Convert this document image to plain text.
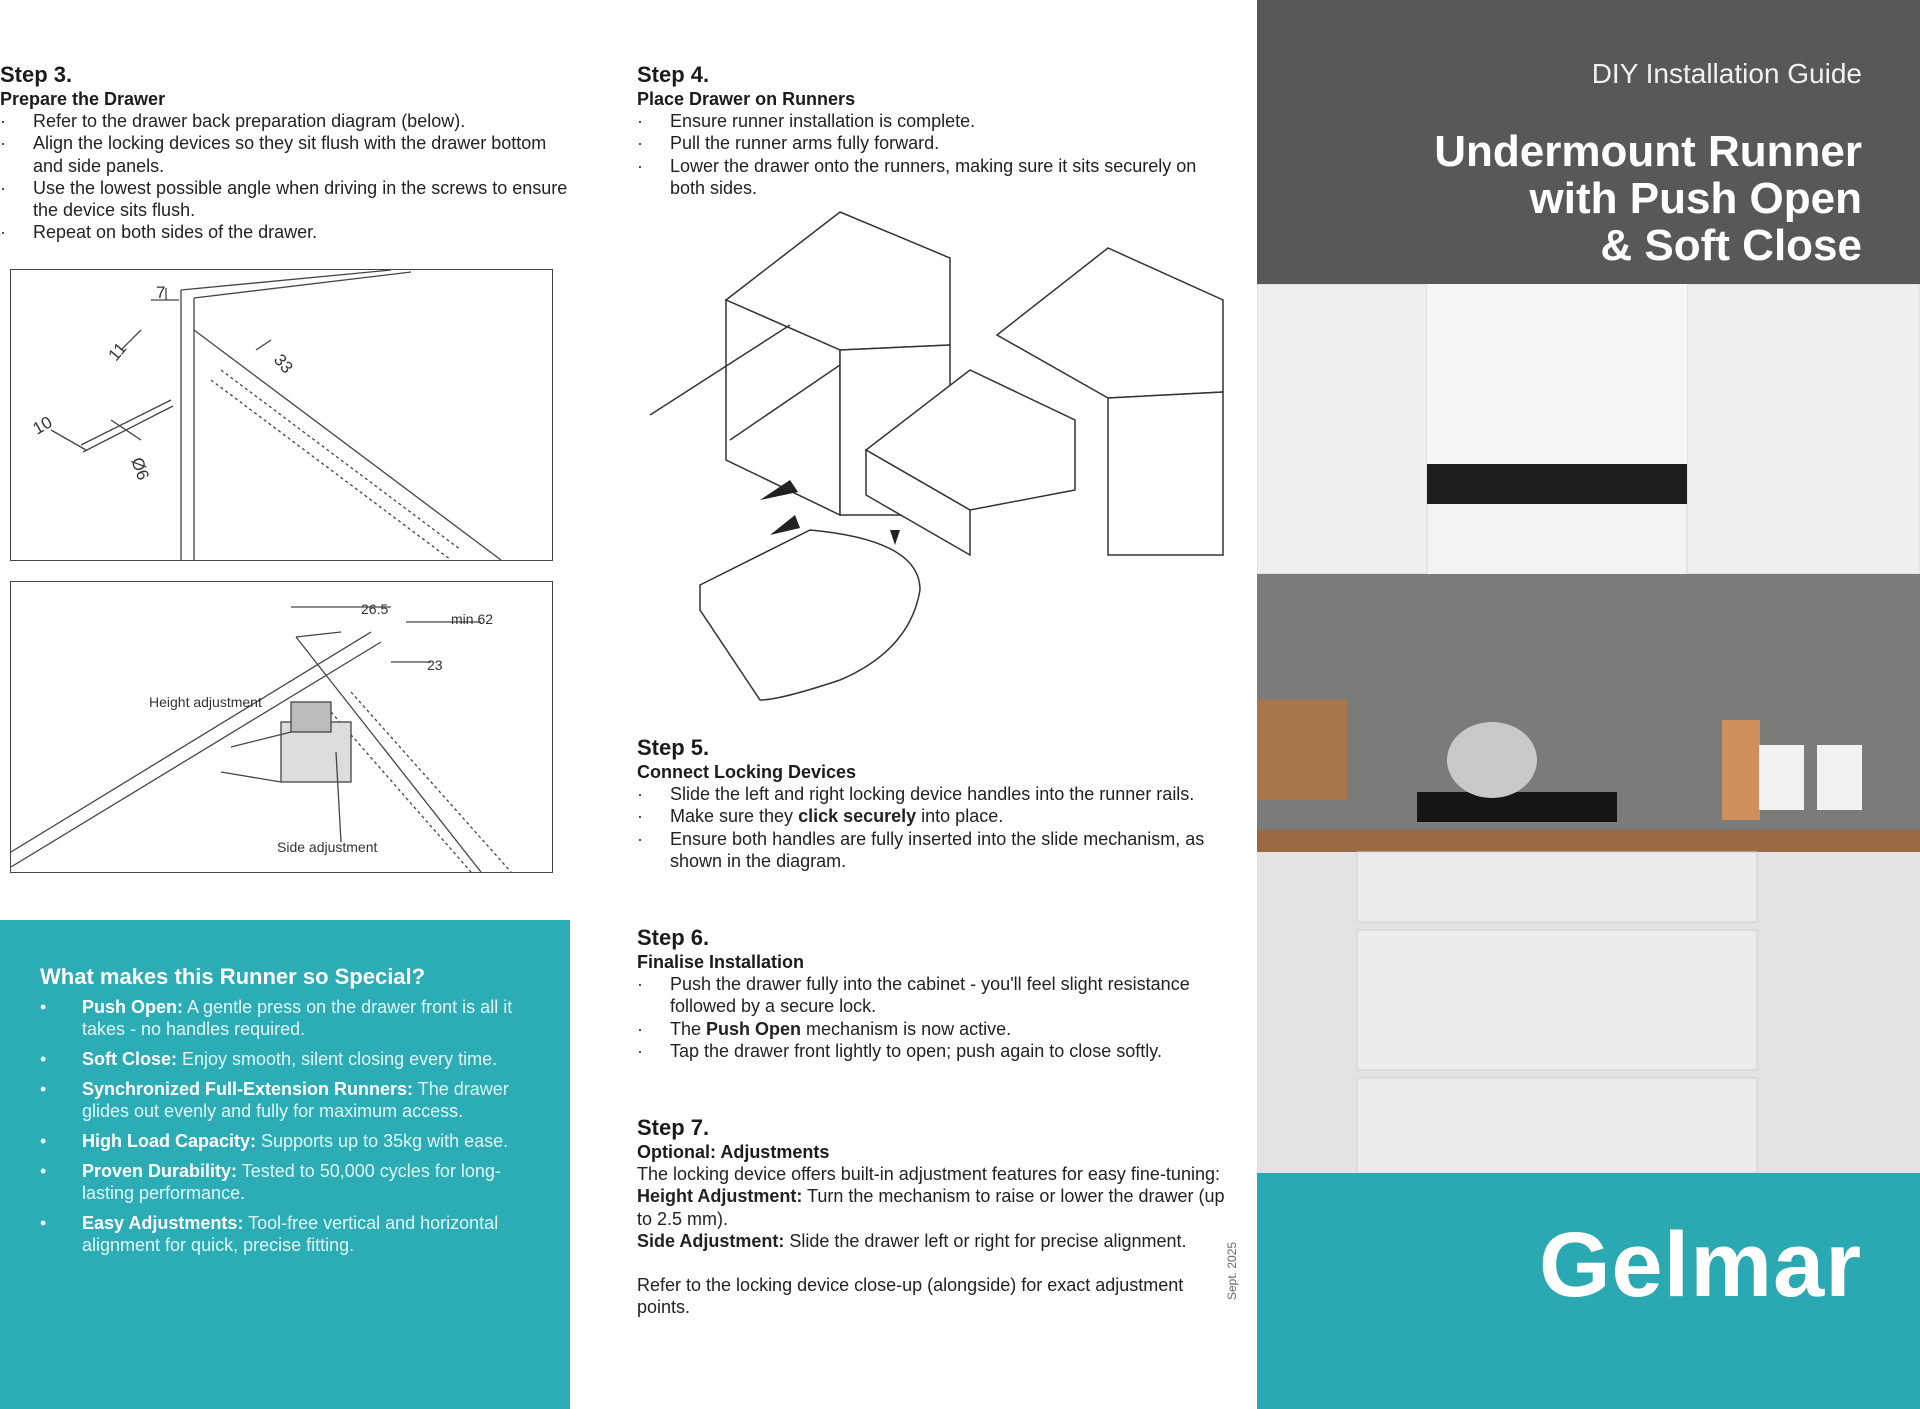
Step 3.
Prepare the Drawer
· Refer to the drawer back preparation diagram (below).
· Align the locking devices so they sit flush with the drawer bottom and side panels.
· Use the lowest possible angle when driving in the screws to ensure the device sits flush.
· Repeat on both sides of the drawer.
7
11	33
10
Ø6
26.5
min 62
23
Height adjustment
Side adjustment
What makes this Runner so Special?
• Push Open: A gentle press on the drawer front is all it takes - no handles required.
• Soft Close: Enjoy smooth, silent closing every time.
• Synchronized Full-Extension Runners: The drawer glides out evenly and fully for maximum access.
• High Load Capacity: Supports up to 35kg with ease.
• Proven Durability: Tested to 50,000 cycles for long-lasting performance.
• Easy Adjustments: Tool-free vertical and horizontal alignment for quick, precise fitting.
Step 4.
Place Drawer on Runners
· Ensure runner installation is complete.
· Pull the runner arms fully forward.
· Lower the drawer onto the runners, making sure it sits securely on both sides.
Step 5.
Connect Locking Devices
· Slide the left and right locking device handles into the runner rails.
· Make sure they click securely into place.
· Ensure both handles are fully inserted into the slide mechanism, as shown in the diagram.
Step 6.
Finalise Installation
· Push the drawer fully into the cabinet - you'll feel slight resistance followed by a secure lock.
· The Push Open mechanism is now active.
· Tap the drawer front lightly to open; push again to close softly.
Step 7.
Optional: Adjustments

The locking device offers built-in adjustment features for easy fine-tuning:

Height Adjustment: Turn the mechanism to raise or lower the drawer (up to 2.5 mm).

Side Adjustment: Slide the drawer left or right for precise alignment.

Refer to the locking device close-up (alongside) for exact adjustment points.

Sept. 2025
DIY Installation Guide
Undermount Runner
with Push Open
& Soft Close
Gelmar
